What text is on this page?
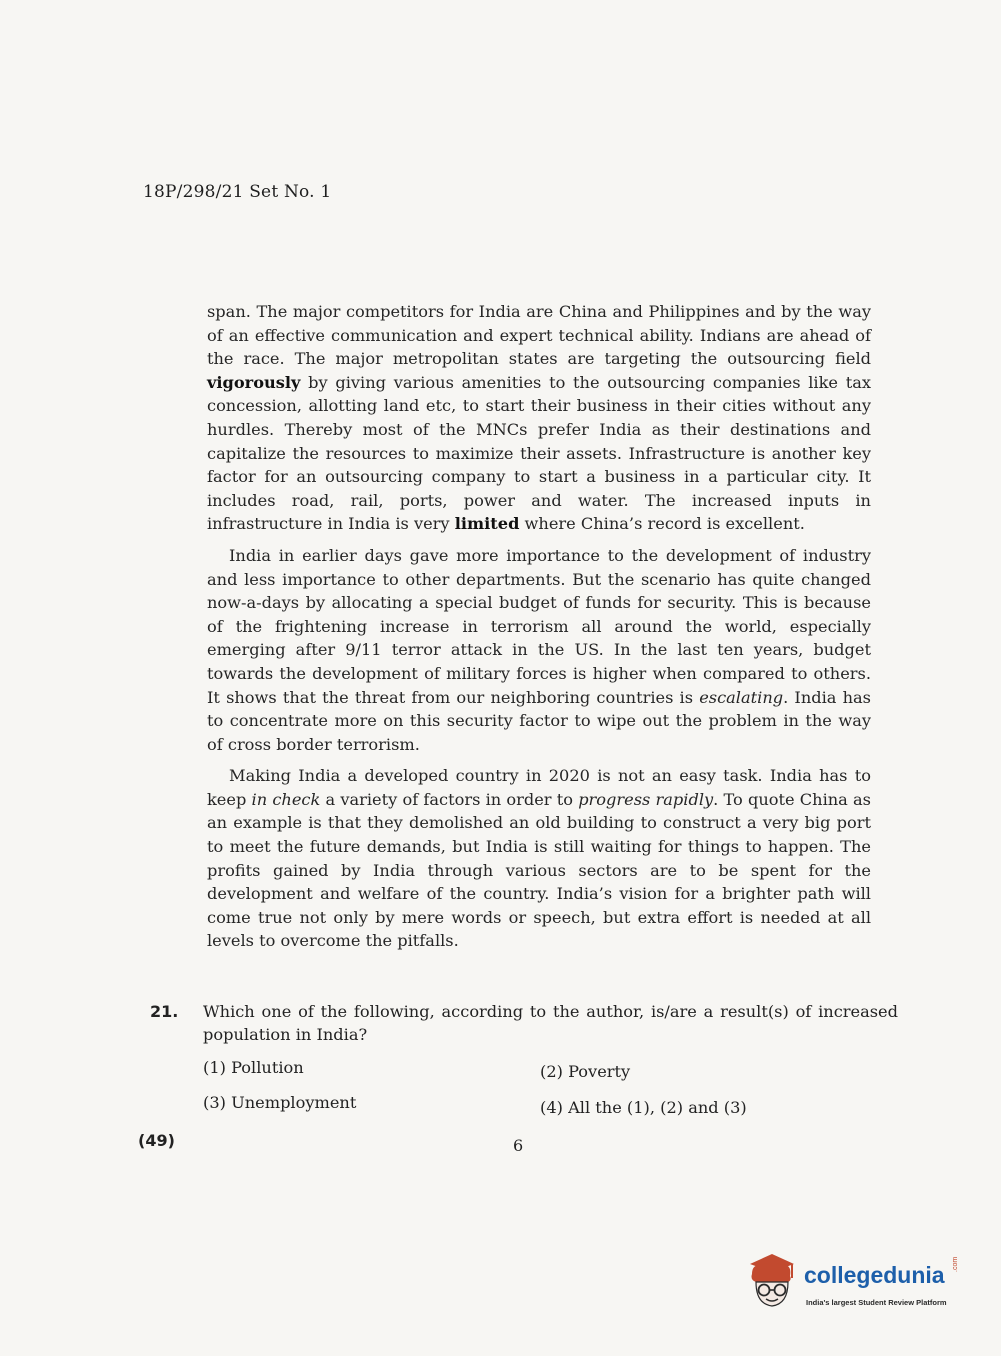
18P/298/21 Set No. 1

span. The major competitors for India are China and Philippines and by the way of an effective communication and expert technical ability. Indians are ahead of the race. The major metropolitan states are targeting the outsourcing field vigorously by giving various amenities to the outsourcing companies like tax concession, allotting land etc, to start their business in their cities without any hurdles. Thereby most of the MNCs prefer India as their destinations and capitalize the resources to maximize their assets. Infrastructure is another key factor for an outsourcing company to start a business in a particular city. It includes road, rail, ports, power and water. The increased inputs in infrastructure in India is very limited where China’s record is excellent.

India in earlier days gave more importance to the development of industry and less importance to other departments. But the scenario has quite changed now-a-days by allocating a special budget of funds for security. This is because of the frightening increase in terrorism all around the world, especially emerging after 9/11 terror attack in the US. In the last ten years, budget towards the development of military forces is higher when compared to others. It shows that the threat from our neighboring countries is escalating. India has to concentrate more on this security factor to wipe out the problem in the way of cross border terrorism.

Making India a developed country in 2020 is not an easy task. India has to keep in check a variety of factors in order to progress rapidly. To quote China as an example is that they demolished an old building to construct a very big port to meet the future demands, but India is still waiting for things to happen. The profits gained by India through various sectors are to be spent for the development and welfare of the country. India’s vision for a brighter path will come true not only by mere words or speech, but extra effort is needed at all levels to overcome the pitfalls.

21. Which one of the following, according to the author, is/are a result(s) of increased population in India?
(1) Pollution	(2) Poverty
(3) Unemployment	(4) All the (1), (2) and (3)
(49)	6
collegedunia .com
India's largest Student Review Platform
